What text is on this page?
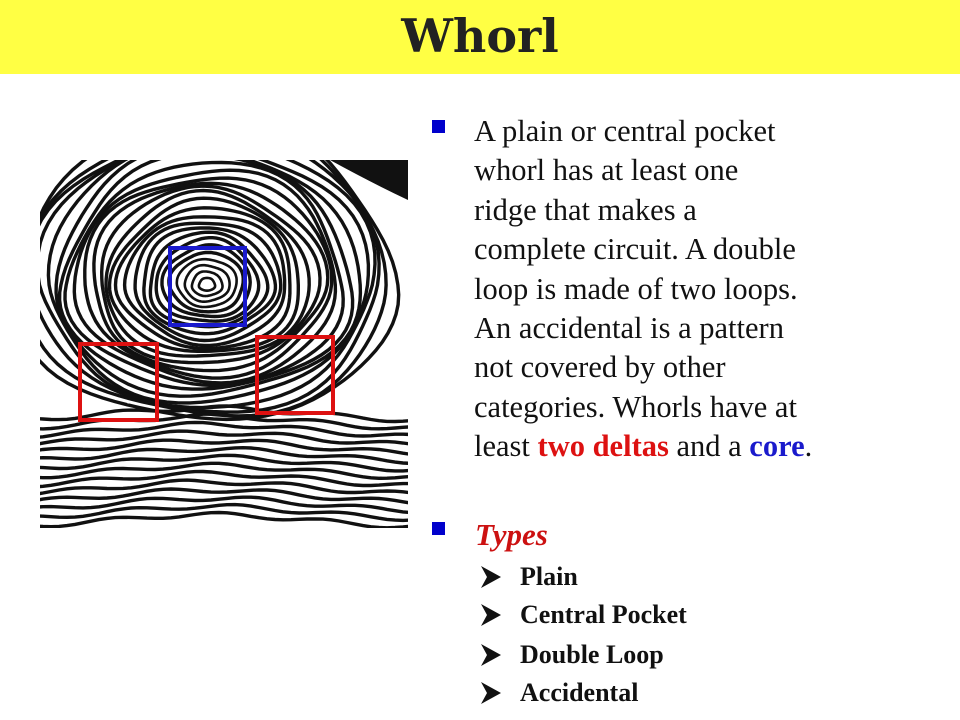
Whorl
A plain or central pocket
whorl has at least one
ridge that makes a
complete circuit. A double
loop is made of two loops.
An accidental is a pattern
not covered by other
categories. Whorls have at
least two deltas and a core.
Types
Plain
Central Pocket
Double Loop
Accidental
